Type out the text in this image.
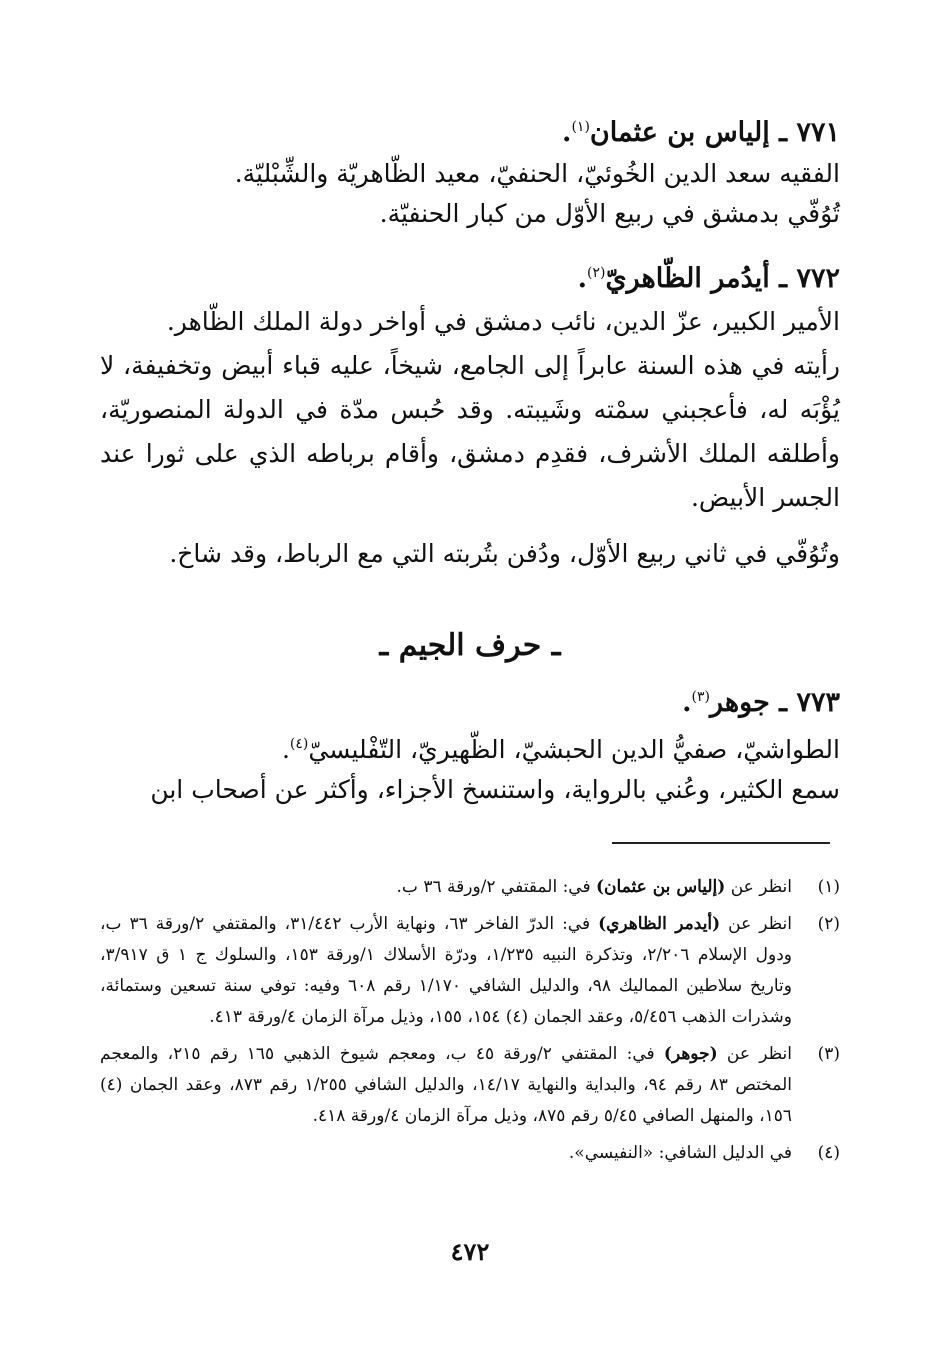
٧٧١ ـ إلياس بن عثمان$^{(١)}$.

الفقيه سعد الدين الخُوئيّ، الحنفيّ، معيد الظّاهريّة والشِّبْليّة.

تُوُفّي بدمشق في ربيع الأوّل من كبار الحنفيّة.

٧٧٢ ـ أيدُمر الظّاهريّ$^{(٢)}$.

الأمير الكبير، عزّ الدين، نائب دمشق في أواخر دولة الملك الظّاهر.

رأيته في هذه السنة عابراً إلى الجامع، شيخاً، عليه قباء أبيض وتخفيفة، لا يُؤْبَه له، فأعجبني سمْته وشَيبته. وقد حُبس مدّة في الدولة المنصوريّة، وأطلقه الملك الأشرف، فقدِم دمشق، وأقام برباطه الذي على ثورا عند الجسر الأبيض.

وتُوُفّي في ثاني ربيع الأوّل، ودُفن بتُربته التي مع الرباط، وقد شاخ.

ـ حرف الجيم ـ

٧٧٣ ـ جوهر$^{(٣)}$.

الطواشيّ، صفيُّ الدين الحبشيّ، الظّهيريّ، التّفْليسيّ$^{(٤)}$.

سمع الكثير، وعُني بالرواية، واستنسخ الأجزاء، وأكثر عن أصحاب ابن

(١)
انظر عن (إلياس بن عثمان) في: المقتفي ٢/ورقة ٣٦ ب.
(٢)
انظر عن (أيدمر الظاهري) في: الدرّ الفاخر ٦٣، ونهاية الأرب ٣١/٤٤٢، والمقتفي ٢/ورقة ٣٦ ب، ودول الإسلام ٢/٢٠٦، وتذكرة النبيه ١/٢٣٥، ودرّة الأسلاك ١/ورقة ١٥٣، والسلوك ج ١ ق ٣/٩١٧، وتاريخ سلاطين المماليك ٩٨، والدليل الشافي ١/١٧٠ رقم ٦٠٨ وفيه: توفي سنة تسعين وستمائة، وشذرات الذهب ٥/٤٥٦، وعقد الجمان (٤) ١٥٤، ١٥٥، وذيل مرآة الزمان ٤/ورقة ٤١٣.
(٣)
انظر عن (جوهر) في: المقتفي ٢/ورقة ٤٥ ب، ومعجم شيوخ الذهبي ١٦٥ رقم ٢١٥، والمعجم المختص ٨٣ رقم ٩٤، والبداية والنهاية ١٤/١٧، والدليل الشافي ١/٢٥٥ رقم ٨٧٣، وعقد الجمان (٤) ١٥٦، والمنهل الصافي ٥/٤٥ رقم ٨٧٥، وذيل مرآة الزمان ٤/ورقة ٤١٨.
(٤)
في الدليل الشافي: «النفيسي».
٤٧٢
